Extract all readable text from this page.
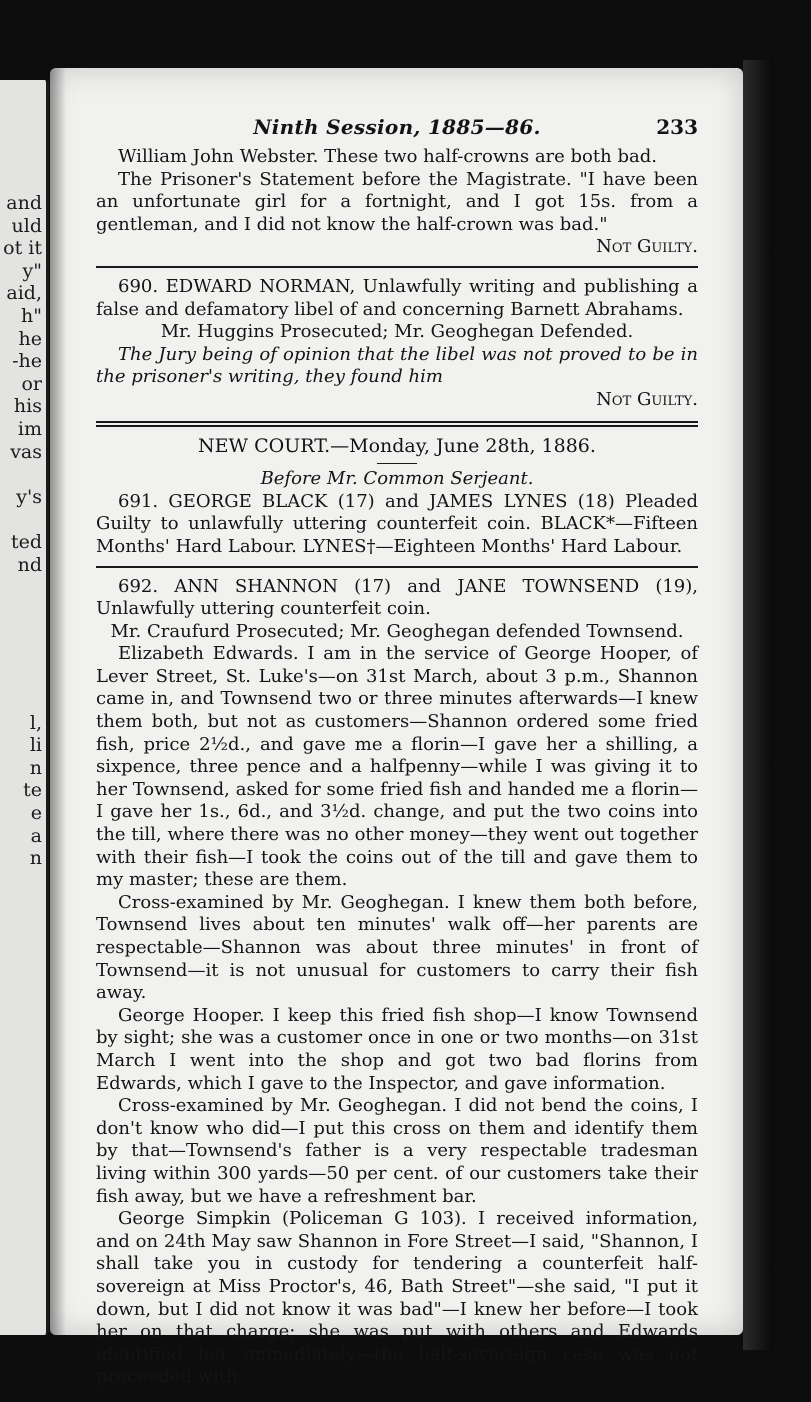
and
uld
ot it
y"
aid,
h"
he
-he
or
his
im
vas
y's
ted
nd
l,
li
n
te
e
a
n
Ninth Session, 1885—86.	233

William John Webster. These two half-crowns are both bad.

The Prisoner's Statement before the Magistrate. "I have been an unfortunate girl for a fortnight, and I got 15s. from a gentleman, and I did not know the half-crown was bad."

Not Guilty.

690. EDWARD NORMAN, Unlawfully writing and publishing a false and defamatory libel of and concerning Barnett Abrahams.

Mr. Huggins Prosecuted; Mr. Geoghegan Defended.

The Jury being of opinion that the libel was not proved to be in the prisoner's writing, they found him

Not Guilty.
NEW COURT.—Monday, June 28th, 1886.
Before Mr. Common Serjeant.

691. GEORGE BLACK (17) and JAMES LYNES (18) Pleaded Guilty to unlawfully uttering counterfeit coin. BLACK*—Fifteen Months' Hard Labour. LYNES†—Eighteen Months' Hard Labour.

692. ANN SHANNON (17) and JANE TOWNSEND (19), Unlawfully uttering counterfeit coin.

Mr. Craufurd Prosecuted; Mr. Geoghegan defended Townsend.

Elizabeth Edwards. I am in the service of George Hooper, of Lever Street, St. Luke's—on 31st March, about 3 p.m., Shannon came in, and Townsend two or three minutes afterwards—I knew them both, but not as customers—Shannon ordered some fried fish, price 2½d., and gave me a florin—I gave her a shilling, a sixpence, three pence and a halfpenny—while I was giving it to her Townsend, asked for some fried fish and handed me a florin—I gave her 1s., 6d., and 3½d. change, and put the two coins into the till, where there was no other money—they went out together with their fish—I took the coins out of the till and gave them to my master; these are them.

Cross-examined by Mr. Geoghegan. I knew them both before, Townsend lives about ten minutes' walk off—her parents are respectable—Shannon was about three minutes' in front of Townsend—it is not unusual for customers to carry their fish away.

George Hooper. I keep this fried fish shop—I know Townsend by sight; she was a customer once in one or two months—on 31st March I went into the shop and got two bad florins from Edwards, which I gave to the Inspector, and gave information.

Cross-examined by Mr. Geoghegan. I did not bend the coins, I don't know who did—I put this cross on them and identify them by that—Townsend's father is a very respectable tradesman living within 300 yards—50 per cent. of our customers take their fish away, but we have a refreshment bar.

George Simpkin (Policeman G 103). I received information, and on 24th May saw Shannon in Fore Street—I said, "Shannon, I shall take you in custody for tendering a counterfeit half-sovereign at Miss Proctor's, 46, Bath Street"—she said, "I put it down, but I did not know it was bad"—I knew her before—I took her on that charge; she was put with others and Edwards identified her immediately—the half-sovereign case was not proceeded with.
